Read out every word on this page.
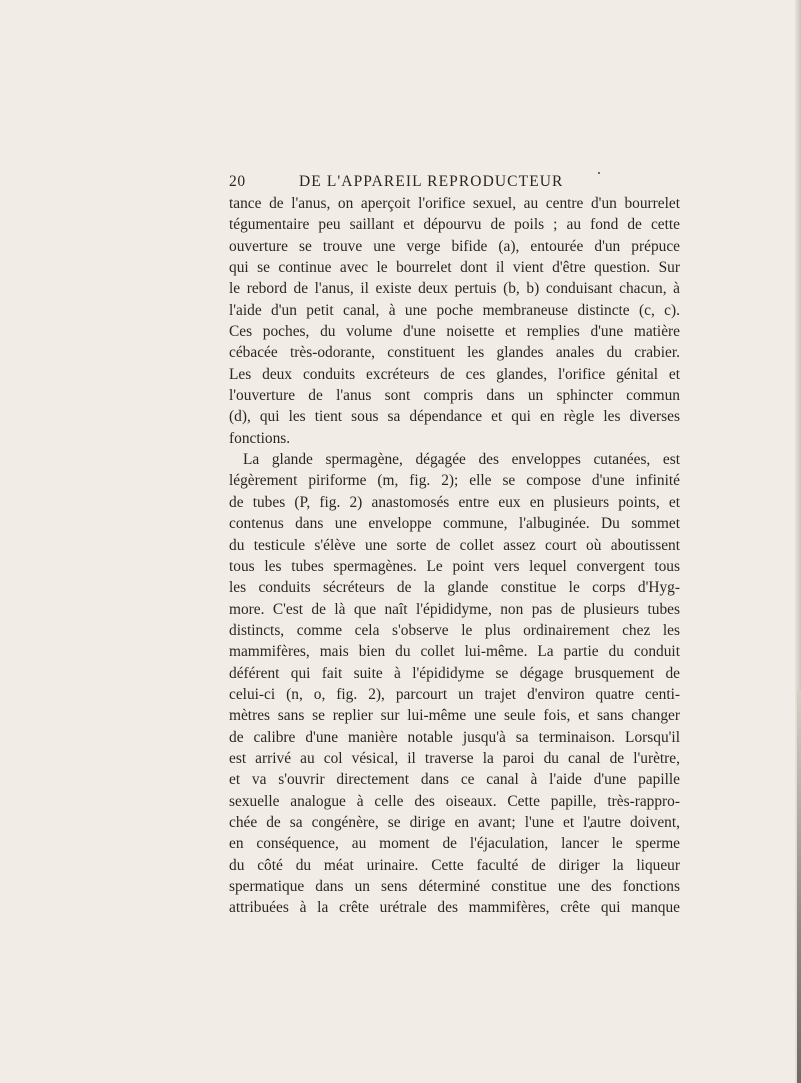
20	DE L'APPAREIL REPRODUCTEUR
tance de l'anus, on aperçoit l'orifice sexuel, au centre d'un bourrelet
tégumentaire peu saillant et dépourvu de poils ; au fond de cette
ouverture se trouve une verge bifide (a), entourée d'un prépuce
qui se continue avec le bourrelet dont il vient d'être question. Sur
le rebord de l'anus, il existe deux pertuis (b, b) conduisant chacun, à
l'aide d'un petit canal, à une poche membraneuse distincte (c, c).
Ces poches, du volume d'une noisette et remplies d'une matière
cébacée très-odorante, constituent les glandes anales du crabier.
Les deux conduits excréteurs de ces glandes, l'orifice génital et
l'ouverture de l'anus sont compris dans un sphincter commun
(d), qui les tient sous sa dépendance et qui en règle les diverses
fonctions.
La glande spermagène, dégagée des enveloppes cutanées, est
légèrement piriforme (m, fig. 2); elle se compose d'une infinité
de tubes (P, fig. 2) anastomosés entre eux en plusieurs points, et
contenus dans une enveloppe commune, l'albuginée. Du sommet
du testicule s'élève une sorte de collet assez court où aboutissent
tous les tubes spermagènes. Le point vers lequel convergent tous
les conduits sécréteurs de la glande constitue le corps d'Hyg-
more. C'est de là que naît l'épididyme, non pas de plusieurs tubes
distincts, comme cela s'observe le plus ordinairement chez les
mammifères, mais bien du collet lui-même. La partie du conduit
déférent qui fait suite à l'épididyme se dégage brusquement de
celui-ci (n, o, fig. 2), parcourt un trajet d'environ quatre centi-
mètres sans se replier sur lui-même une seule fois, et sans changer
de calibre d'une manière notable jusqu'à sa terminaison. Lorsqu'il
est arrivé au col vésical, il traverse la paroi du canal de l'urètre,
et va s'ouvrir directement dans ce canal à l'aide d'une papille
sexuelle analogue à celle des oiseaux. Cette papille, très-rappro-
chée de sa congénère, se dirige en avant; l'une et l'autre doivent,
en conséquence, au moment de l'éjaculation, lancer le sperme
du côté du méat urinaire. Cette faculté de diriger la liqueur
spermatique dans un sens déterminé constitue une des fonctions
attribuées à la crête urétrale des mammifères, crête qui manque
